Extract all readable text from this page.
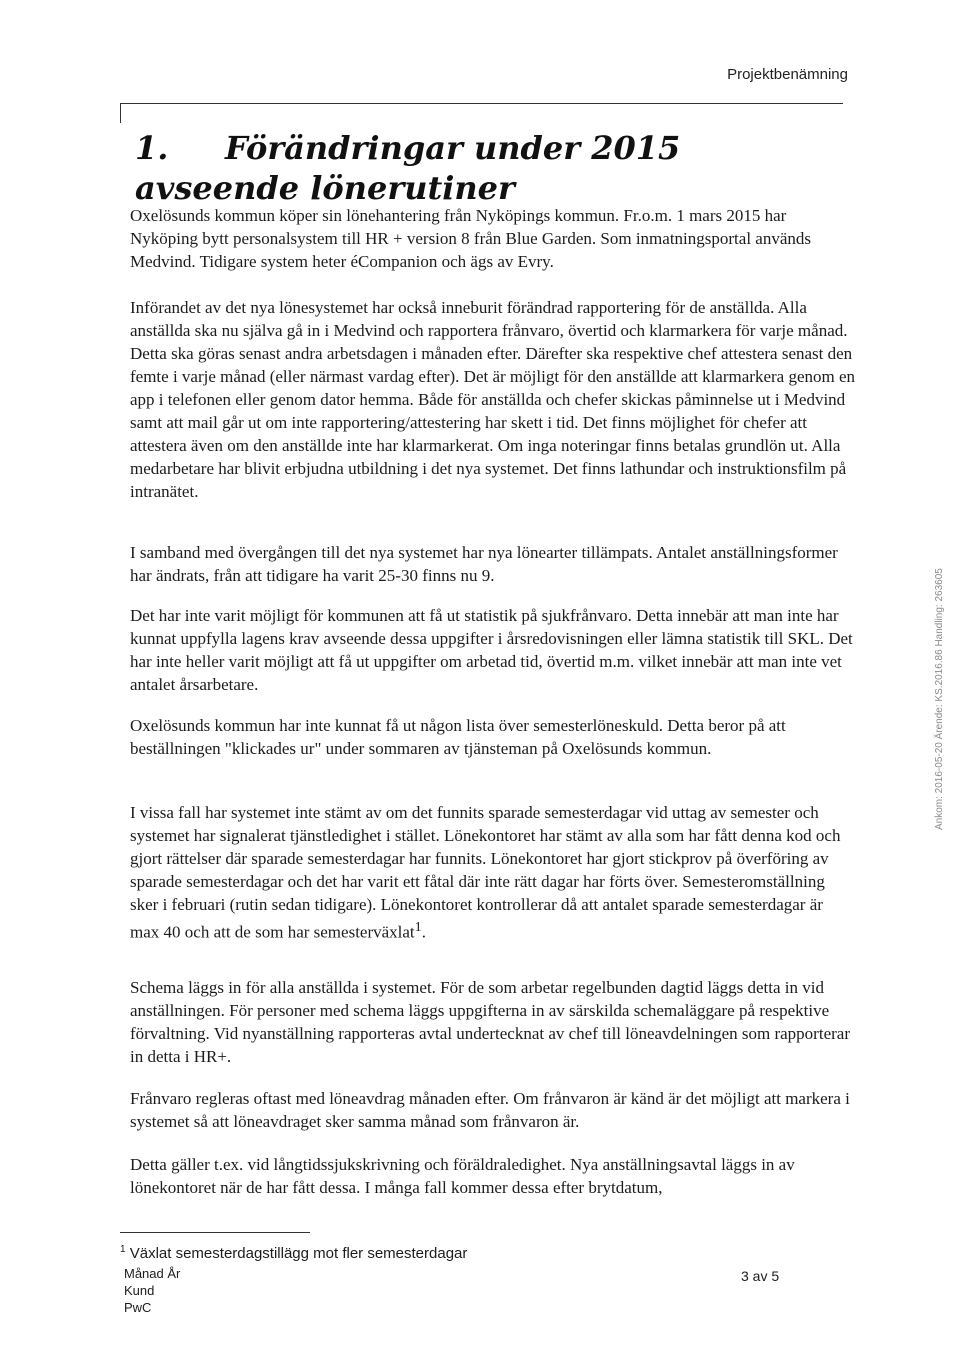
Projektbenämning
1. Förändringar under 2015 avseende lönerutiner

Oxelösunds kommun köper sin lönehantering från Nyköpings kommun. Fr.o.m. 1 mars 2015 har Nyköping bytt personalsystem till HR + version 8 från Blue Garden. Som inmatningsportal används Medvind. Tidigare system heter éCompanion och ägs av Evry.

Införandet av det nya lönesystemet har också inneburit förändrad rapportering för de anställda. Alla anställda ska nu själva gå in i Medvind och rapportera frånvaro, övertid och klarmarkera för varje månad. Detta ska göras senast andra arbetsdagen i månaden efter. Därefter ska respektive chef attestera senast den femte i varje månad (eller närmast vardag efter). Det är möjligt för den anställde att klarmarkera genom en app i telefonen eller genom dator hemma. Både för anställda och chefer skickas påminnelse ut i Medvind samt att mail går ut om inte rapportering/attestering har skett i tid. Det finns möjlighet för chefer att attestera även om den anställde inte har klarmarkerat. Om inga noteringar finns betalas grundlön ut. Alla medarbetare har blivit erbjudna utbildning i det nya systemet. Det finns lathundar och instruktionsfilm på intranätet.

I samband med övergången till det nya systemet har nya lönearter tillämpats. Antalet anställningsformer har ändrats, från att tidigare ha varit 25-30 finns nu 9.

Det har inte varit möjligt för kommunen att få ut statistik på sjukfrånvaro. Detta innebär att man inte har kunnat uppfylla lagens krav avseende dessa uppgifter i årsredovisningen eller lämna statistik till SKL. Det har inte heller varit möjligt att få ut uppgifter om arbetad tid, övertid m.m. vilket innebär att man inte vet antalet årsarbetare.

Oxelösunds kommun har inte kunnat få ut någon lista över semesterlöneskuld. Detta beror på att beställningen "klickades ur" under sommaren av tjänsteman på Oxelösunds kommun.

I vissa fall har systemet inte stämt av om det funnits sparade semesterdagar vid uttag av semester och systemet har signalerat tjänstledighet i stället. Lönekontoret har stämt av alla som har fått denna kod och gjort rättelser där sparade semesterdagar har funnits. Lönekontoret har gjort stickprov på överföring av sparade semesterdagar och det har varit ett fåtal där inte rätt dagar har förts över. Semesteromställning sker i februari (rutin sedan tidigare). Lönekontoret kontrollerar då att antalet sparade semesterdagar är max 40 och att de som har semesterväxlat$^1$.

Schema läggs in för alla anställda i systemet. För de som arbetar regelbunden dagtid läggs detta in vid anställningen. För personer med schema läggs uppgifterna in av särskilda schemaläggare på respektive förvaltning. Vid nyanställning rapporteras avtal undertecknat av chef till löneavdelningen som rapporterar in detta i HR+.

Frånvaro regleras oftast med löneavdrag månaden efter. Om frånvaron är känd är det möjligt att markera i systemet så att löneavdraget sker samma månad som frånvaron är.

Detta gäller t.ex. vid långtidssjukskrivning och föräldraledighet. Nya anställningsavtal läggs in av lönekontoret när de har fått dessa. I många fall kommer dessa efter brytdatum,

$^1$ Växlat semesterdagstillägg mot fler semesterdagar
Månad År
Kund
PwC
3 av 5
Ankom: 2016-05-20 Ärende: KS.2016.86 Handling: 263605
